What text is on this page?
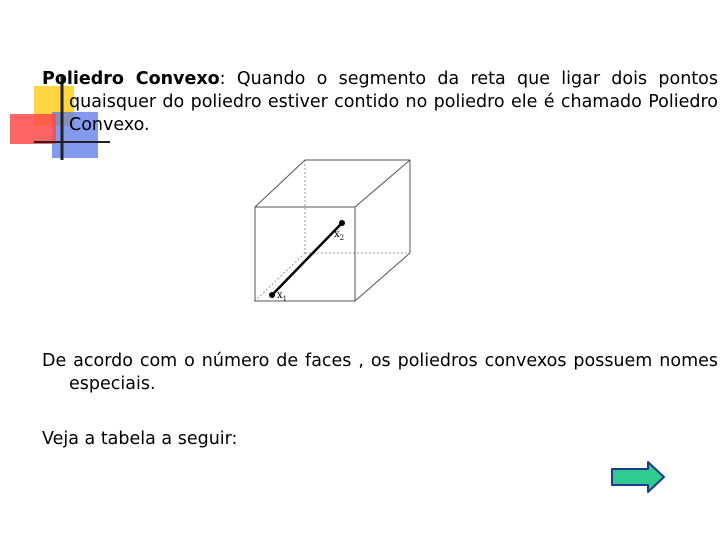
Poliedro Convexo: Quando o segmento da reta que ligar dois pontos quaisquer do poliedro estiver contido no poliedro ele é chamado Poliedro Convexo.
$x_1$
$x_2$
De acordo com o número de faces , os poliedros convexos possuem nomes especiais.
Veja a tabela a seguir:
